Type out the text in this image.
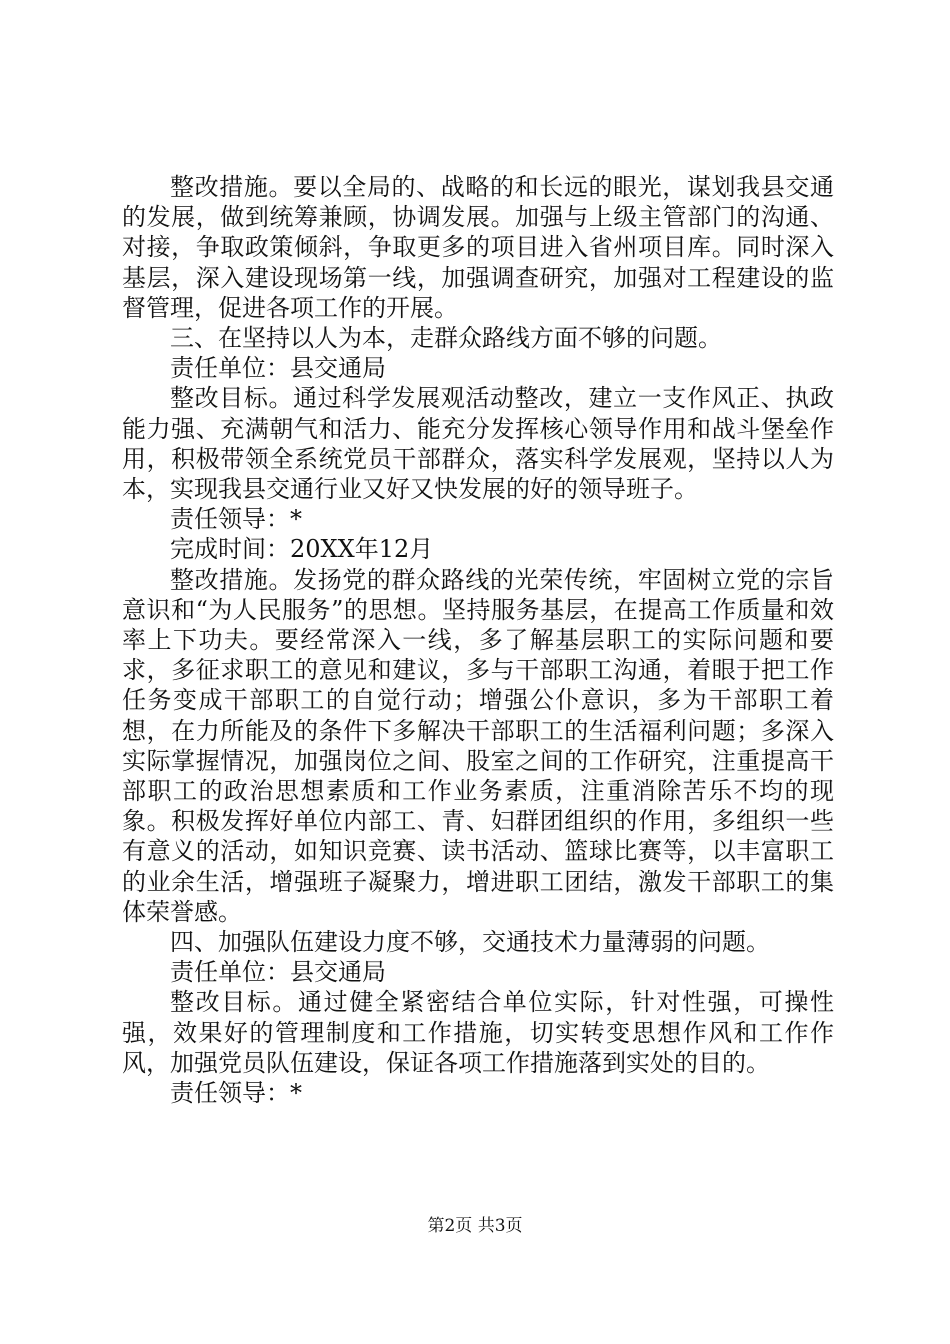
整改措施。要以全局的、战略的和长远的眼光，谋划我县交通的发展，做到统筹兼顾，协调发展。加强与上级主管部门的沟通、对接，争取政策倾斜，争取更多的项目进入省州项目库。同时深入基层，深入建设现场第一线，加强调查研究，加强对工程建设的监督管理，促进各项工作的开展。

三、在坚持以人为本，走群众路线方面不够的问题。

责任单位：县交通局

整改目标。通过科学发展观活动整改，建立一支作风正、执政能力强、充满朝气和活力、能充分发挥核心领导作用和战斗堡垒作用，积极带领全系统党员干部群众，落实科学发展观，坚持以人为本，实现我县交通行业又好又快发展的好的领导班子。

责任领导：*

完成时间：20XX年12月

整改措施。发扬党的群众路线的光荣传统，牢固树立党的宗旨意识和“为人民服务”的思想。坚持服务基层，在提高工作质量和效率上下功夫。要经常深入一线，多了解基层职工的实际问题和要求，多征求职工的意见和建议，多与干部职工沟通，着眼于把工作任务变成干部职工的自觉行动；增强公仆意识，多为干部职工着想，在力所能及的条件下多解决干部职工的生活福利问题；多深入实际掌握情况，加强岗位之间、股室之间的工作研究，注重提高干部职工的政治思想素质和工作业务素质，注重消除苦乐不均的现象。积极发挥好单位内部工、青、妇群团组织的作用，多组织一些有意义的活动，如知识竞赛、读书活动、篮球比赛等，以丰富职工的业余生活，增强班子凝聚力，增进职工团结，激发干部职工的集体荣誉感。

四、加强队伍建设力度不够，交通技术力量薄弱的问题。

责任单位：县交通局

整改目标。通过健全紧密结合单位实际，针对性强，可操性强，效果好的管理制度和工作措施，切实转变思想作风和工作作风，加强党员队伍建设，保证各项工作措施落到实处的目的。

责任领导：*

第2页 共3页
